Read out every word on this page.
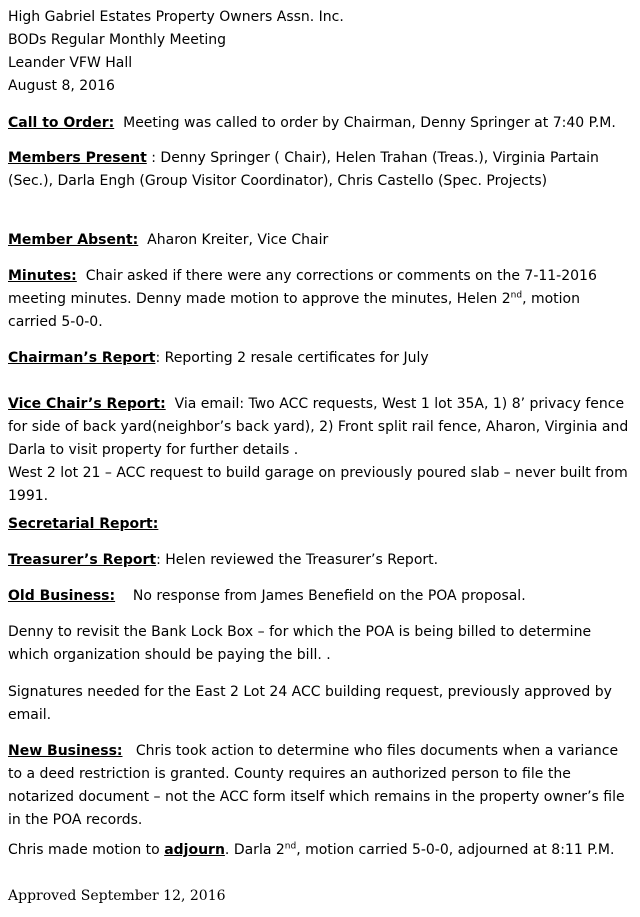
High Gabriel Estates Property Owners Assn. Inc.
BODs Regular Monthly Meeting
Leander VFW Hall
August 8, 2016

Call to Order: Meeting was called to order by Chairman, Denny Springer at 7:40 P.M.

Members Present : Denny Springer ( Chair), Helen Trahan (Treas.), Virginia Partain (Sec.), Darla Engh (Group Visitor Coordinator), Chris Castello (Spec. Projects)

Member Absent: Aharon Kreiter, Vice Chair

Minutes: Chair asked if there were any corrections or comments on the 7-11-2016 meeting minutes. Denny made motion to approve the minutes, Helen 2nd, motion carried 5-0-0.

Chairman’s Report: Reporting 2 resale certificates for July

Vice Chair’s Report: Via email: Two ACC requests, West 1 lot 35A, 1) 8’ privacy fence for side of back yard(neighbor’s back yard), 2) Front split rail fence, Aharon, Virginia and Darla to visit property for further details .
West 2 lot 21 – ACC request to build garage on previously poured slab – never built from 1991.

Secretarial Report:

Treasurer’s Report: Helen reviewed the Treasurer’s Report.

Old Business: No response from James Benefield on the POA proposal.

Denny to revisit the Bank Lock Box – for which the POA is being billed to determine which organization should be paying the bill. .

Signatures needed for the East 2 Lot 24 ACC building request, previously approved by email.

New Business: Chris took action to determine who files documents when a variance to a deed restriction is granted. County requires an authorized person to file the notarized document – not the ACC form itself which remains in the property owner’s file in the POA records.

Chris made motion to adjourn. Darla 2nd, motion carried 5-0-0, adjourned at 8:11 P.M.

Approved September 12, 2016
